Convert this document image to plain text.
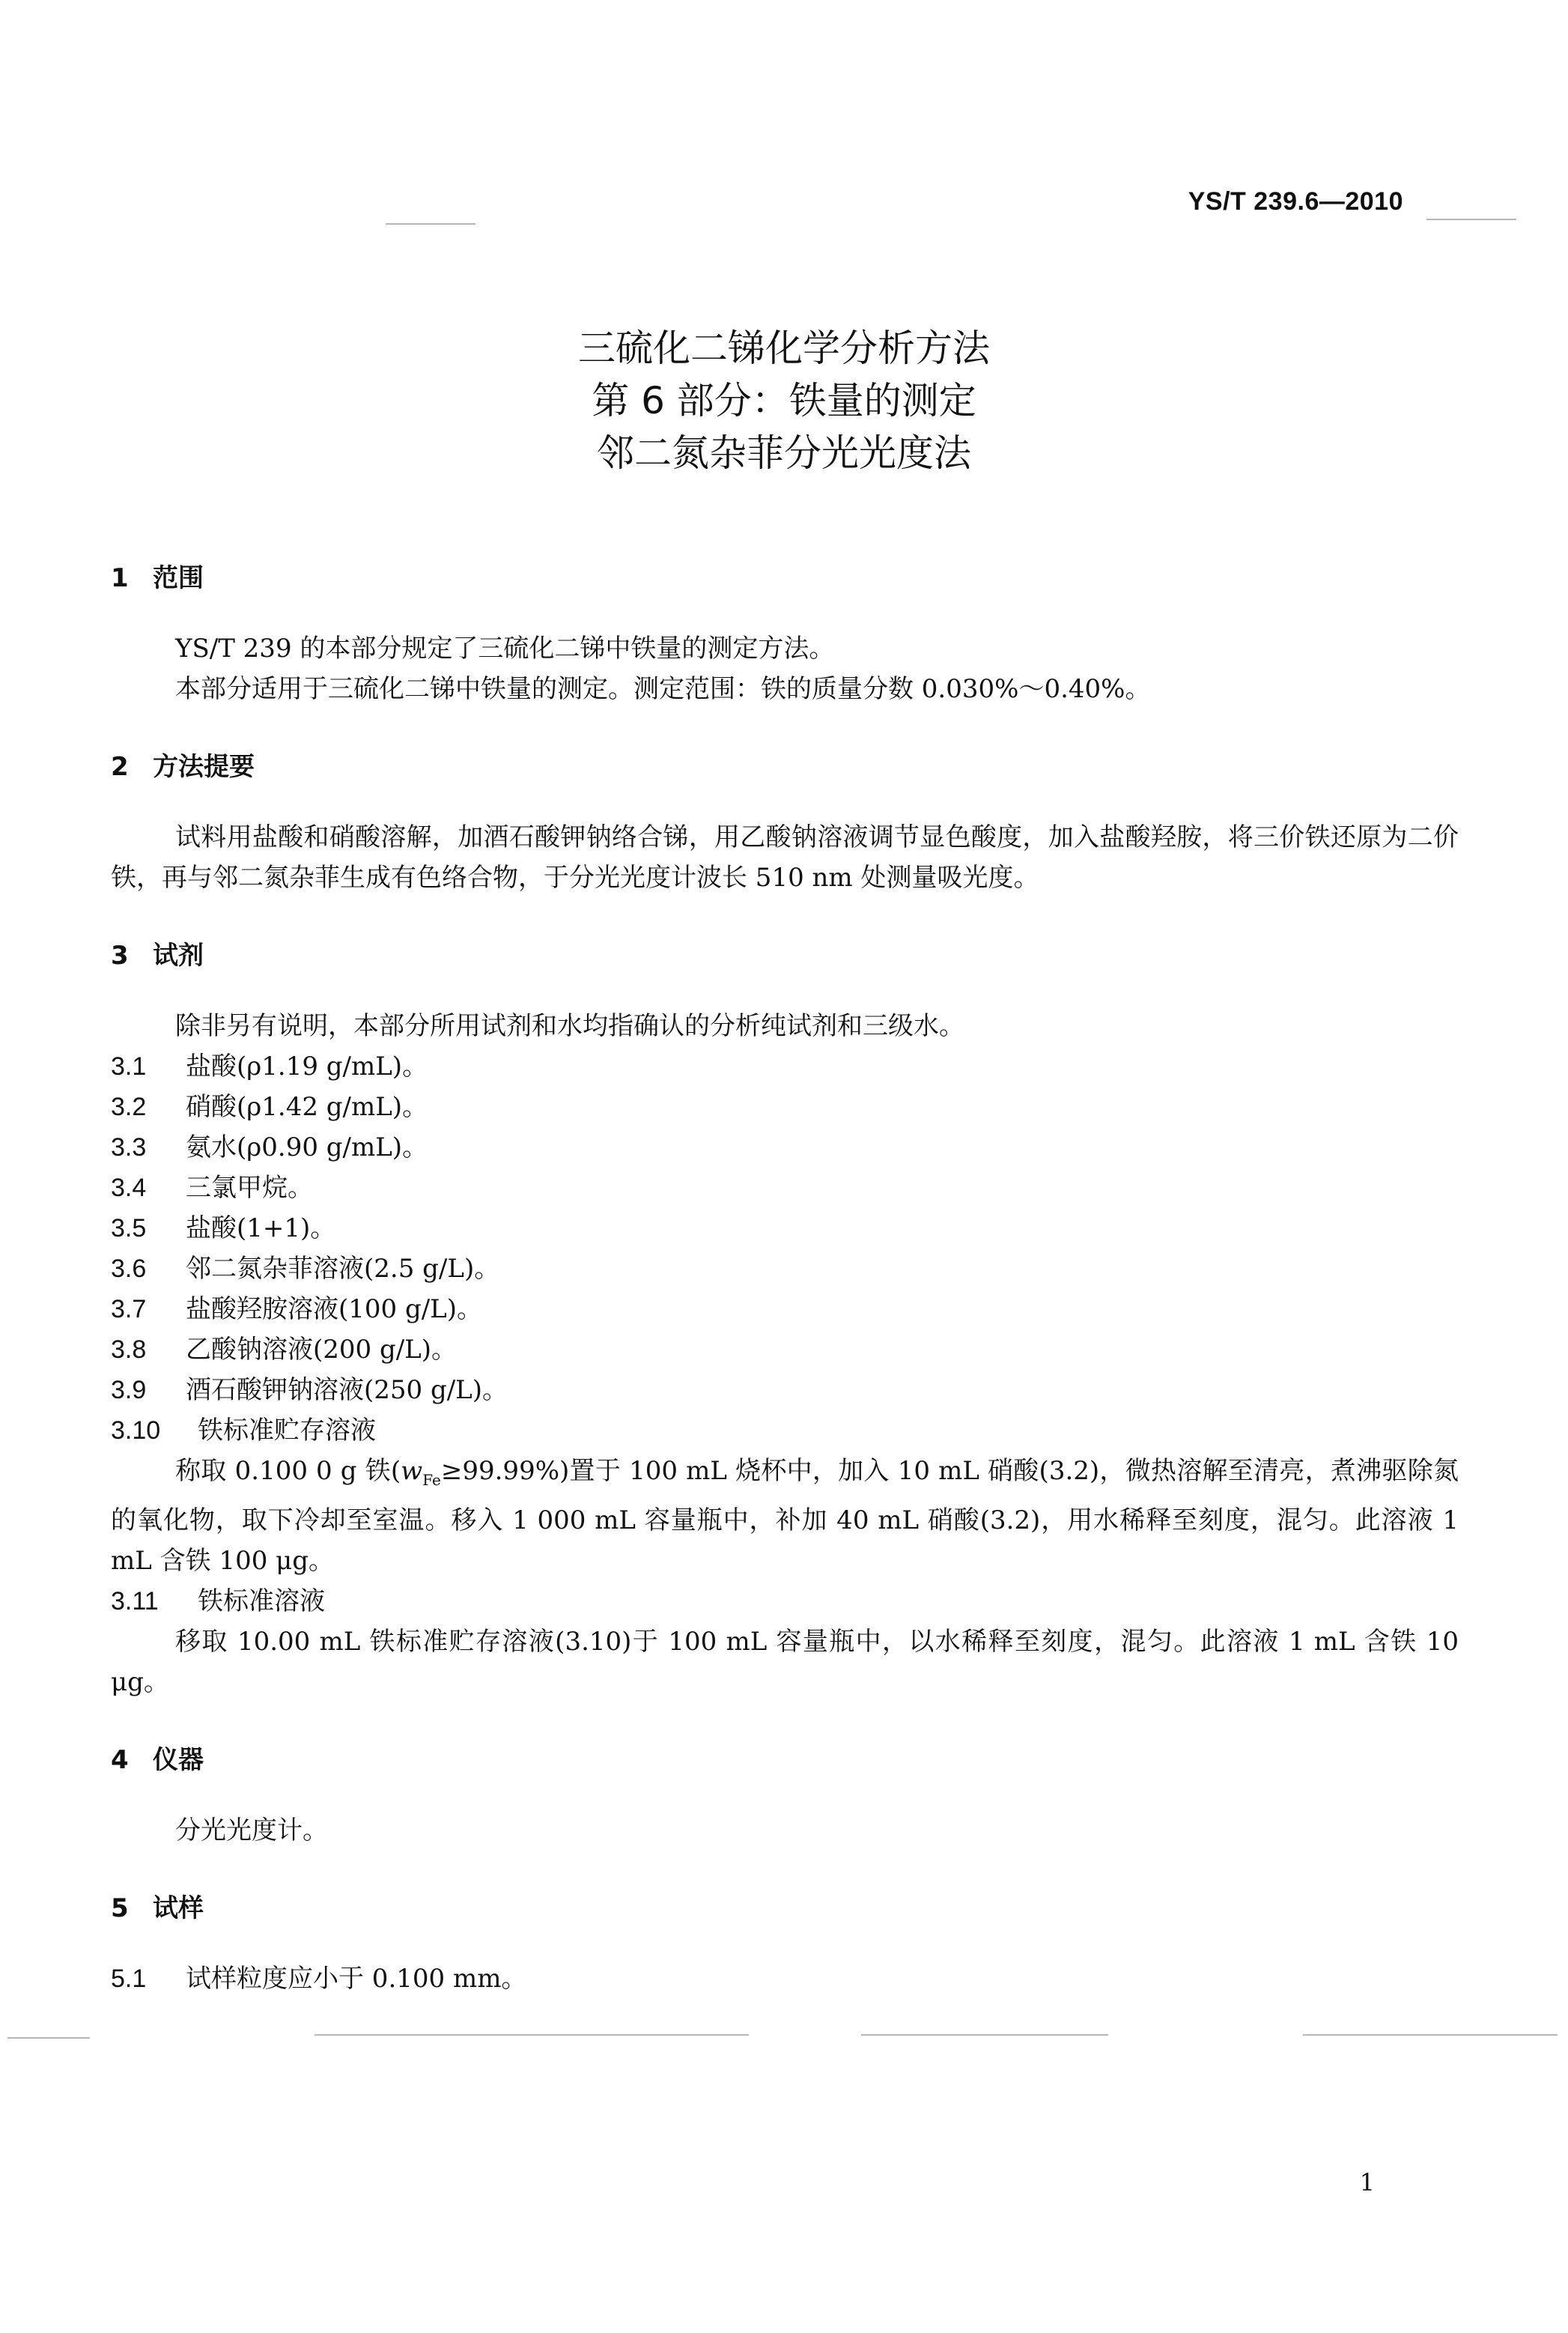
YS/T 239.6—2010
三硫化二锑化学分析方法
第 6 部分：铁量的测定
邻二氮杂菲分光光度法
1 范围

YS/T 239 的本部分规定了三硫化二锑中铁量的测定方法。

本部分适用于三硫化二锑中铁量的测定。测定范围：铁的质量分数 0.030%～0.40%。

2 方法提要

试料用盐酸和硝酸溶解，加酒石酸钾钠络合锑，用乙酸钠溶液调节显色酸度，加入盐酸羟胺，将三价铁还原为二价铁，再与邻二氮杂菲生成有色络合物，于分光光度计波长 510 nm 处测量吸光度。

3 试剂

除非另有说明，本部分所用试剂和水均指确认的分析纯试剂和三级水。

3.1 盐酸(ρ1.19 g/mL)。
3.2 硝酸(ρ1.42 g/mL)。
3.3 氨水(ρ0.90 g/mL)。
3.4 三氯甲烷。
3.5 盐酸(1+1)。
3.6 邻二氮杂菲溶液(2.5 g/L)。
3.7 盐酸羟胺溶液(100 g/L)。
3.8 乙酸钠溶液(200 g/L)。
3.9 酒石酸钾钠溶液(250 g/L)。
3.10 铁标准贮存溶液

称取 0.100 0 g 铁$(w_{Fe}\ge 99.99\%)$置于 100 mL 烧杯中，加入 10 mL 硝酸(3.2)，微热溶解至清亮，煮沸驱除氮的氧化物，取下冷却至室温。移入 1 000 mL 容量瓶中，补加 40 mL 硝酸(3.2)，用水稀释至刻度，混匀。此溶液 1 mL 含铁 100 μg。

3.11 铁标准溶液

移取 10.00 mL 铁标准贮存溶液(3.10)于 100 mL 容量瓶中，以水稀释至刻度，混匀。此溶液 1 mL 含铁 10 μg。

4 仪器

分光光度计。

5 试样
5.1 试样粒度应小于 0.100 mm。
1
